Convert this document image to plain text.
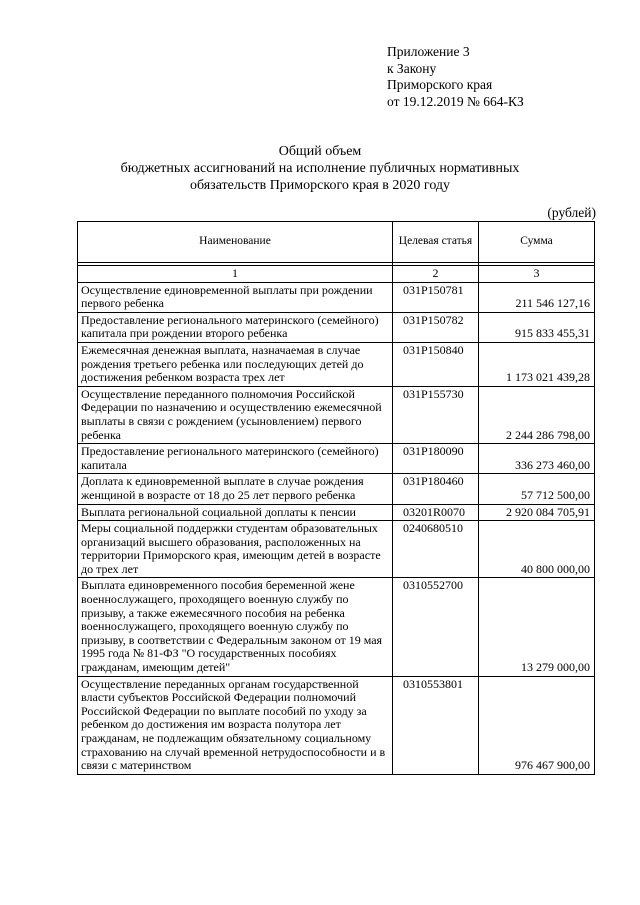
Приложение 3
к Закону
Приморского края
от 19.12.2019 № 664-КЗ
Общий объем
бюджетных ассигнований на исполнение публичных нормативных
обязательств Приморского края в 2020 году
(рублей)
Наименование	Целевая статья	Сумма

1	2	3
Осуществление единовременной выплаты при рождении первого ребенка	031P150781	211 546 127,16
Предоставление регионального материнского (семейного) капитала при рождении второго ребенка	031P150782	915 833 455,31
Ежемесячная денежная выплата, назначаемая в случае рождения третьего ребенка или последующих детей до достижения ребенком возраста трех лет	031P150840	1 173 021 439,28
Осуществление переданного полномочия Российской Федерации по назначению и осуществлению ежемесячной выплаты в связи с рождением (усыновлением) первого ребенка	031P155730	2 244 286 798,00
Предоставление регионального материнского (семейного) капитала	031P180090	336 273 460,00
Доплата к единовременной выплате в случае рождения женщиной в возрасте от 18 до 25 лет первого ребенка	031P180460	57 712 500,00
Выплата региональной социальной доплаты к пенсии	03201R0070	2 920 084 705,91
Меры социальной поддержки студентам образовательных организаций высшего образования, расположенных на территории Приморского края, имеющим детей в возрасте до трех лет	0240680510	40 800 000,00
Выплата единовременного пособия беременной жене военнослужащего, проходящего военную службу по призыву, а также ежемесячного пособия на ребенка военнослужащего, проходящего военную службу по призыву, в соответствии с Федеральным законом от 19 мая 1995 года № 81-ФЗ "О государственных пособиях гражданам, имеющим детей"	0310552700	13 279 000,00
Осуществление переданных органам государственной власти субъектов Российской Федерации полномочий Российской Федерации по выплате пособий по уходу за ребенком до достижения им возраста полутора лет гражданам, не подлежащим обязательному социальному страхованию на случай временной нетрудоспособности и в связи с материнством	0310553801	976 467 900,00
